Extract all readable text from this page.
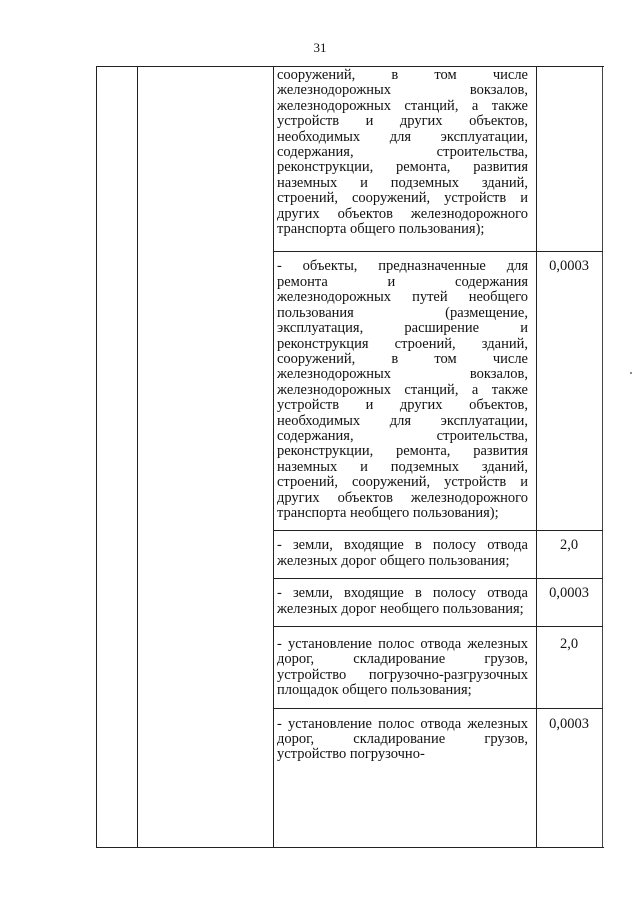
31
сооружений, в том числе железнодорожных вокзалов, железнодорожных станций, а также устройств и других объектов, необходимых для эксплуатации, содержания, строительства, реконструкции, ремонта, развития наземных и подземных зданий, строений, сооружений, устройств и других объектов железнодорожного транспорта общего пользования);
- объекты, предназначенные для ремонта и содержания железнодорожных путей необщего пользования (размещение, эксплуатация, расширение и реконструкция строений, зданий, сооружений, в том числе железнодорожных вокзалов, железнодорожных станций, а также устройств и других объектов, необходимых для эксплуатации, содержания, строительства, реконструкции, ремонта, развития наземных и подземных зданий, строений, сооружений, устройств и других объектов железнодорожного транспорта необщего пользования);
0,0003
- земли, входящие в полосу отвода железных дорог общего пользования;
2,0
- земли, входящие в полосу отвода железных дорог необщего пользования;
0,0003
- установление полос отвода железных дорог, складирование грузов, устройство погрузочно-разгрузочных площадок общего пользования;
2,0
- установление полос отвода железных дорог, складирование грузов, устройство погрузочно-
0,0003
